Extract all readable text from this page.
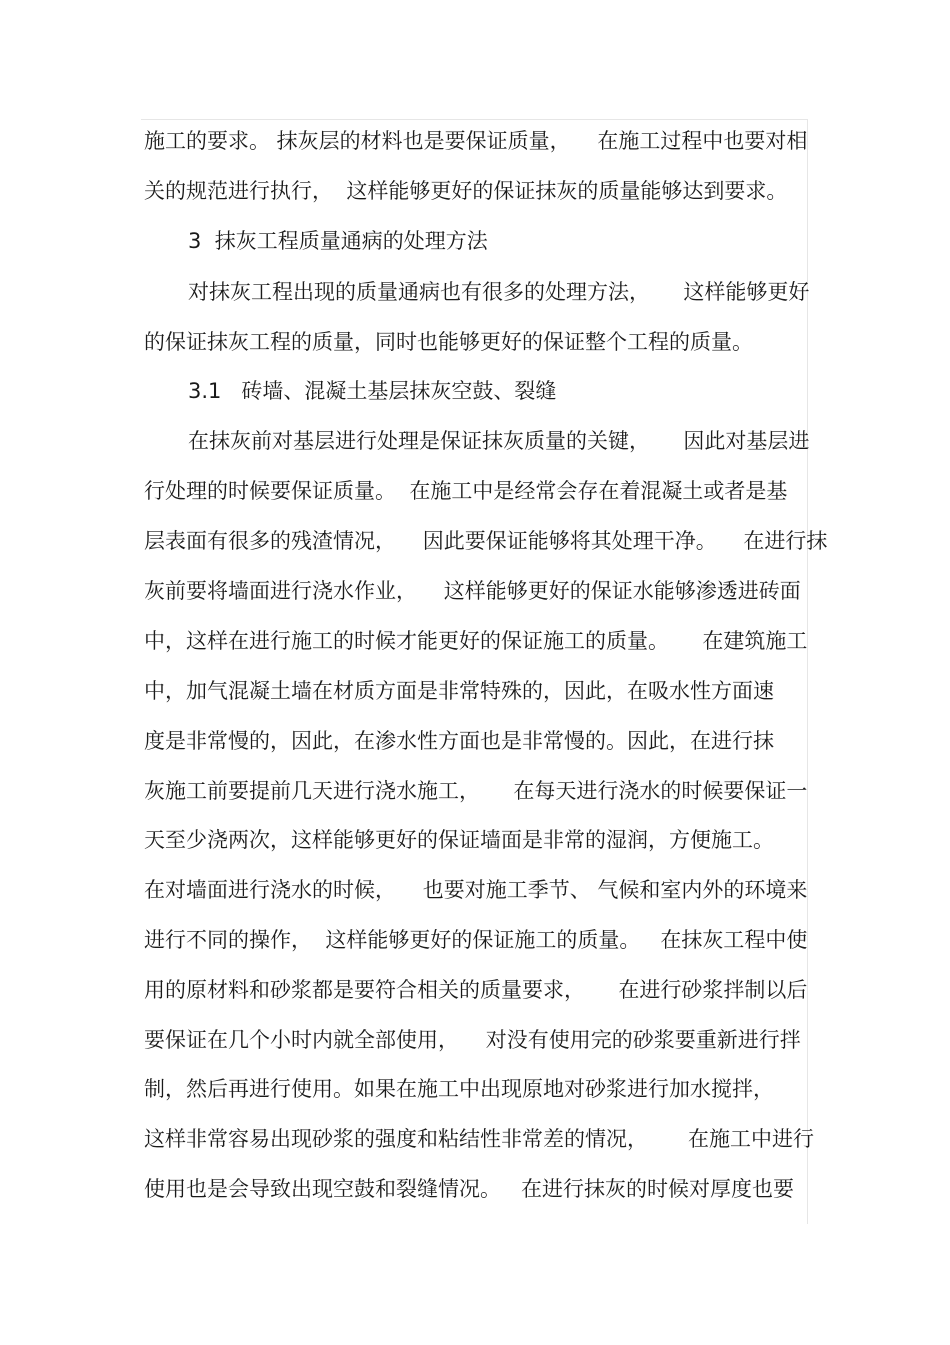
施工的要求。 抹灰层的材料也是要保证质量，    在施工过程中也要对相
关的规范进行执行，  这样能够更好的保证抹灰的质量能够达到要求。
3  抹灰工程质量通病的处理方法
对抹灰工程出现的质量通病也有很多的处理方法，     这样能够更好
的保证抹灰工程的质量，同时也能够更好的保证整个工程的质量。
3.1   砖墙、混凝土基层抹灰空鼓、裂缝
在抹灰前对基层进行处理是保证抹灰质量的关键，     因此对基层进
行处理的时候要保证质量。  在施工中是经常会存在着混凝土或者是基
层表面有很多的残渣情况，    因此要保证能够将其处理干净。    在进行抹
灰前要将墙面进行浇水作业，    这样能够更好的保证水能够渗透进砖面
中，这样在进行施工的时候才能更好的保证施工的质量。     在建筑施工
中，加气混凝土墙在材质方面是非常特殊的，因此，在吸水性方面速
度是非常慢的，因此，在渗水性方面也是非常慢的。因此，在进行抹
灰施工前要提前几天进行浇水施工，     在每天进行浇水的时候要保证一
天至少浇两次，这样能够更好的保证墙面是非常的湿润，方便施工。
在对墙面进行浇水的时候，    也要对施工季节、 气候和室内外的环境来
进行不同的操作，  这样能够更好的保证施工的质量。   在抹灰工程中使
用的原材料和砂浆都是要符合相关的质量要求，     在进行砂浆拌制以后
要保证在几个小时内就全部使用，    对没有使用完的砂浆要重新进行拌
制，然后再进行使用。如果在施工中出现原地对砂浆进行加水搅拌，
这样非常容易出现砂浆的强度和粘结性非常差的情况，      在施工中进行
使用也是会导致出现空鼓和裂缝情况。   在进行抹灰的时候对厚度也要
